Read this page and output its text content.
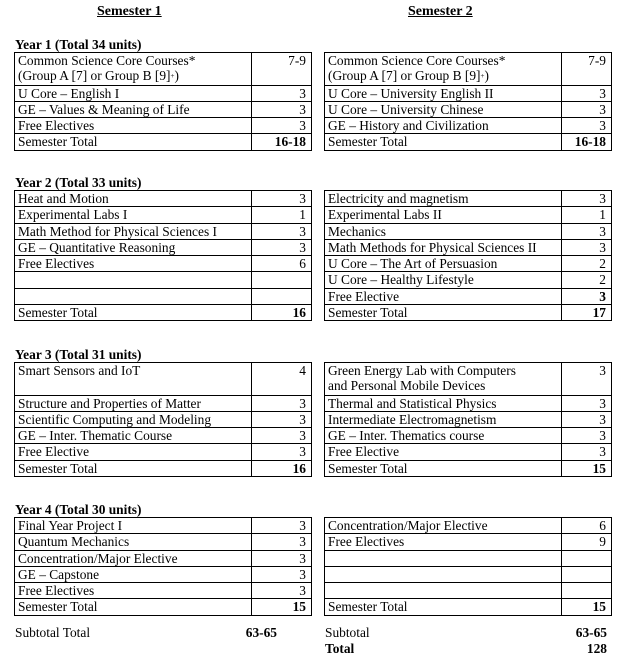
Semester 1	Semester 2
Year 1 (Total 34 units)
Common Science Core Courses*
(Group A [7] or Group B [9]+)	7-9
U Core – English I	3
GE – Values & Meaning of Life	3
Free Electives	3
Semester Total	16-18
Common Science Core Courses*
(Group A [7] or Group B [9]+)	7-9
U Core – University English II	3
U Core – University Chinese	3
GE – History and Civilization	3
Semester Total	16-18
Year 2 (Total 33 units)
Heat and Motion	3
Experimental Labs I	1
Math Method for Physical Sciences I	3
GE – Quantitative Reasoning	3
Free Electives	6

Semester Total	16
Electricity and magnetism	3
Experimental Labs II	1
Mechanics	3
Math Methods for Physical Sciences II	3
U Core – The Art of Persuasion	2
U Core – Healthy Lifestyle	2
Free Elective	3
Semester Total	17
Year 3 (Total 31 units)
Smart Sensors and IoT	4
Structure and Properties of Matter	3
Scientific Computing and Modeling	3
GE – Inter. Thematic Course	3
Free Elective	3
Semester Total	16
Green Energy Lab with Computers
and Personal Mobile Devices	3
Thermal and Statistical Physics	3
Intermediate Electromagnetism	3
GE – Inter. Thematics course	3
Free Elective	3
Semester Total	15
Year 4 (Total 30 units)
Final Year Project I	3
Quantum Mechanics	3
Concentration/Major Elective	3
GE – Capstone	3
Free Electives	3
Semester Total	15
Concentration/Major Elective	6
Free Electives	9

Semester Total	15
Subtotal Total	63-65	Subtotal	63-65
Total	128
